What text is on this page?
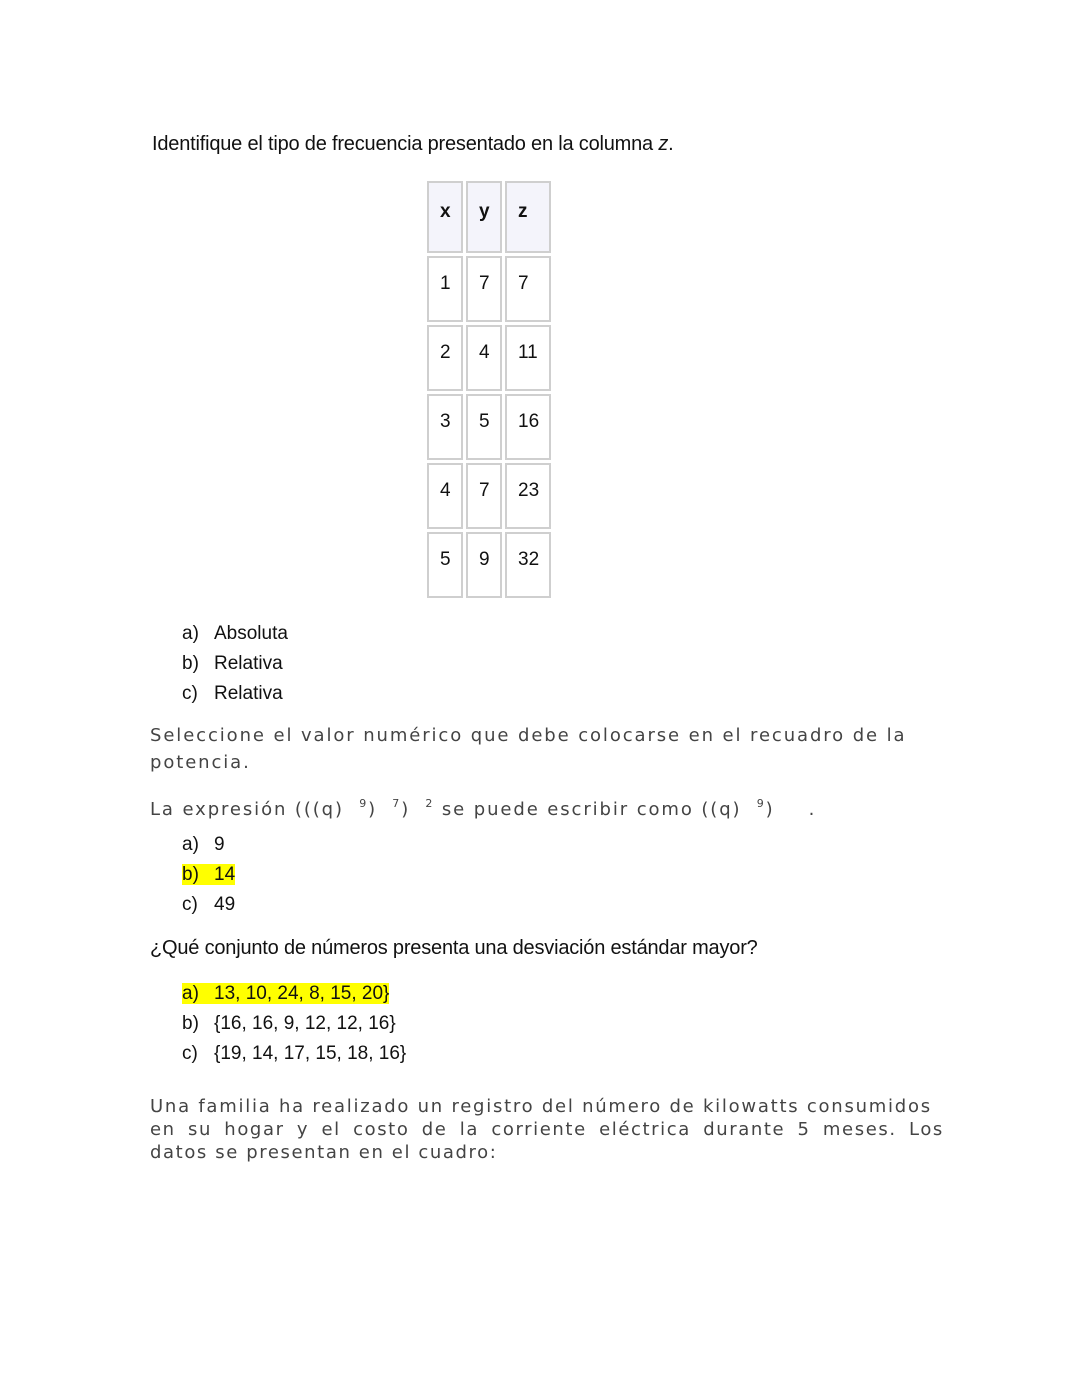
Identifique el tipo de frecuencia presentado en la columna z.
x	y	z
1	7	7
2	4	11
3	5	16
4	7	23
5	9	32
a) Absoluta
b) Relativa
c) Relativa
Seleccione el valor numérico que debe colocarse en el recuadro de la
potencia.
La expresión (((q) $^9$) $^7$) $^2$ se puede escribir como ((q) $^9$) .
a) 9
b) 14
c) 49
¿Qué conjunto de números presenta una desviación estándar mayor?
a) 13, 10, 24, 8, 15, 20}
b) {16, 16, 9, 12, 12, 16}
c) {19, 14, 17, 15, 18, 16}
Una familia ha realizado un registro del número de kilowatts consumidos
en su hogar y el costo de la corriente eléctrica durante 5 meses. Los
datos se presentan en el cuadro:
